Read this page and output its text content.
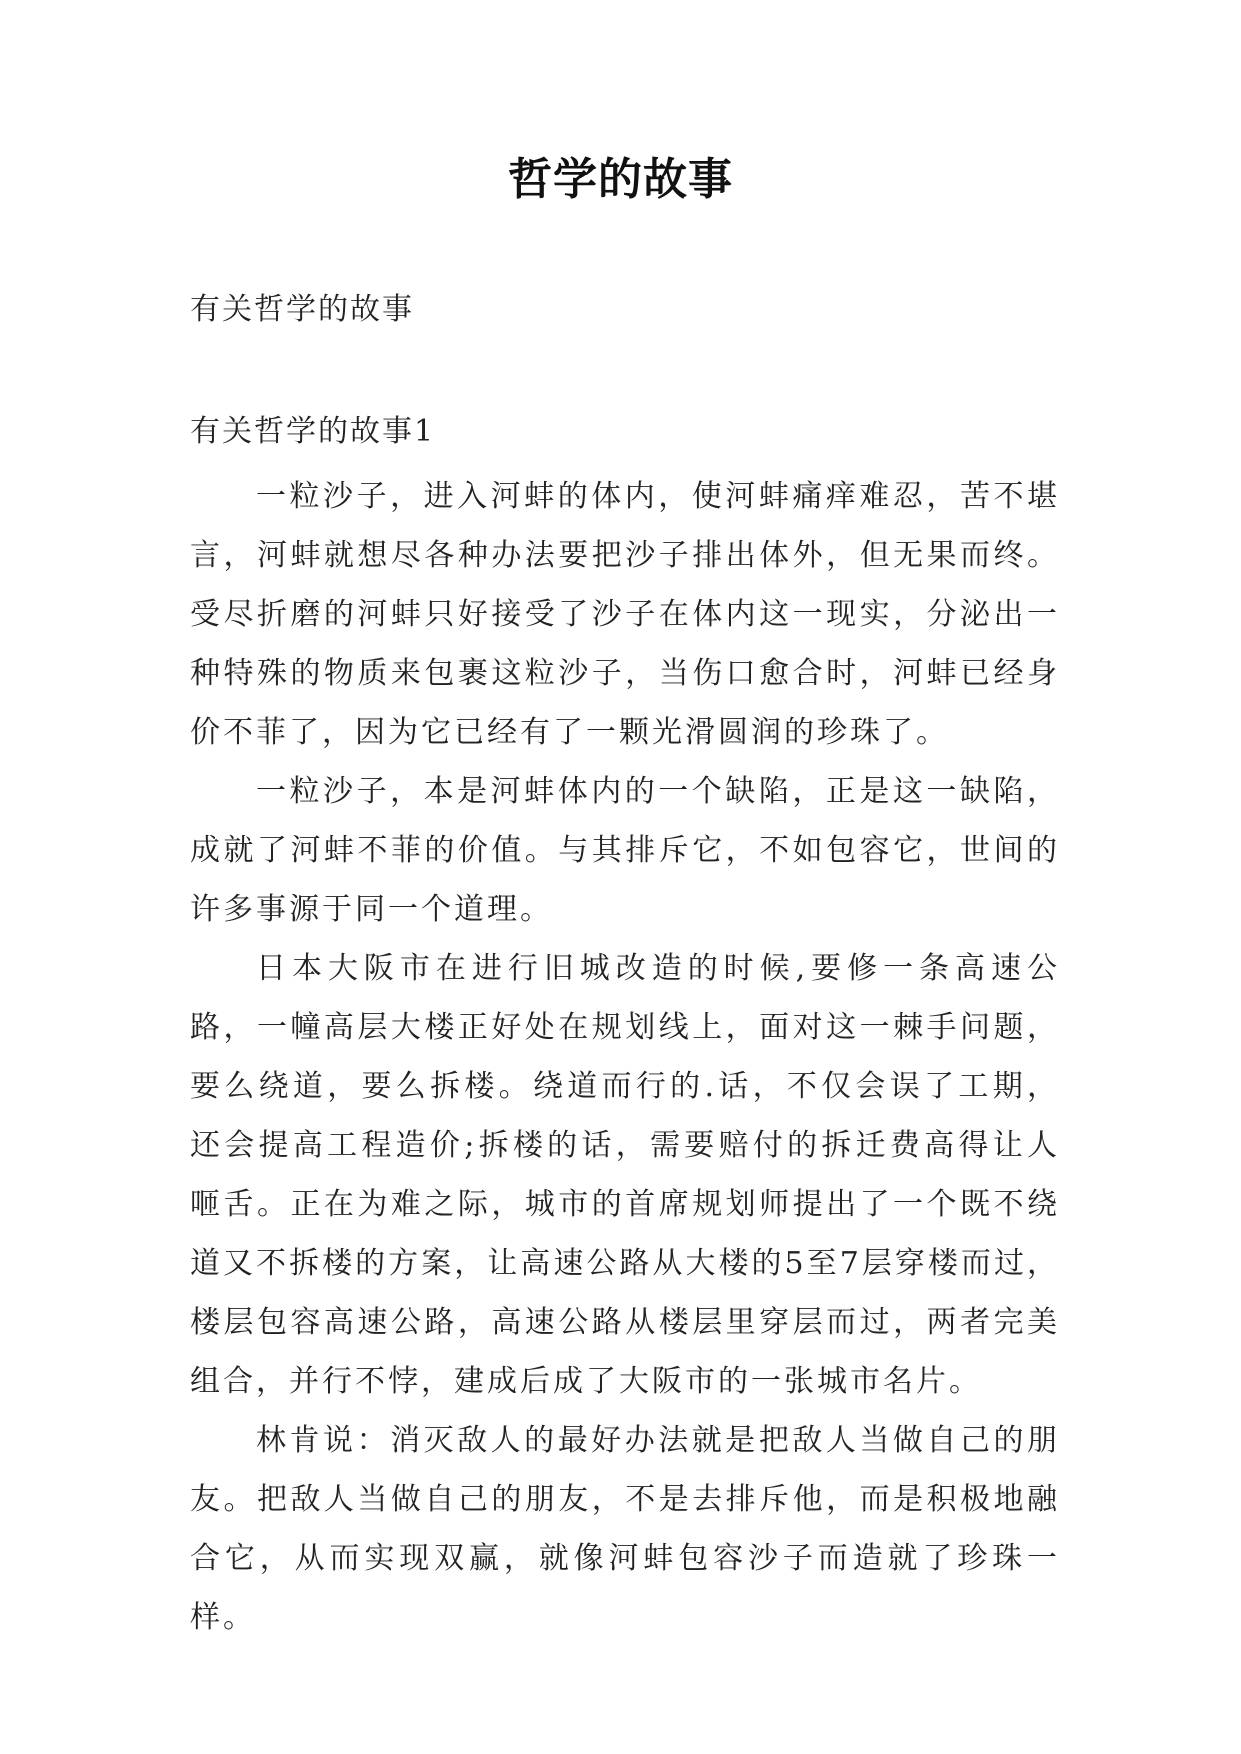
哲学的故事
有关哲学的故事
有关哲学的故事1

一粒沙子，进入河蚌的体内，使河蚌痛痒难忍，苦不堪言，河蚌就想尽各种办法要把沙子排出体外，但无果而终。受尽折磨的河蚌只好接受了沙子在体内这一现实，分泌出一种特殊的物质来包裹这粒沙子，当伤口愈合时，河蚌已经身价不菲了，因为它已经有了一颗光滑圆润的珍珠了。

一粒沙子，本是河蚌体内的一个缺陷，正是这一缺陷，成就了河蚌不菲的价值。与其排斥它，不如包容它，世间的许多事源于同一个道理。

日本大阪市在进行旧城改造的时候,要修一条高速公路，一幢高层大楼正好处在规划线上，面对这一棘手问题，要么绕道，要么拆楼。绕道而行的.话，不仅会误了工期，还会提高工程造价;拆楼的话，需要赔付的拆迁费高得让人咂舌。正在为难之际，城市的首席规划师提出了一个既不绕道又不拆楼的方案，让高速公路从大楼的5至7层穿楼而过，楼层包容高速公路，高速公路从楼层里穿层而过，两者完美组合，并行不悖，建成后成了大阪市的一张城市名片。

林肯说：消灭敌人的最好办法就是把敌人当做自己的朋友。把敌人当做自己的朋友，不是去排斥他，而是积极地融合它，从而实现双赢，就像河蚌包容沙子而造就了珍珠一样。
